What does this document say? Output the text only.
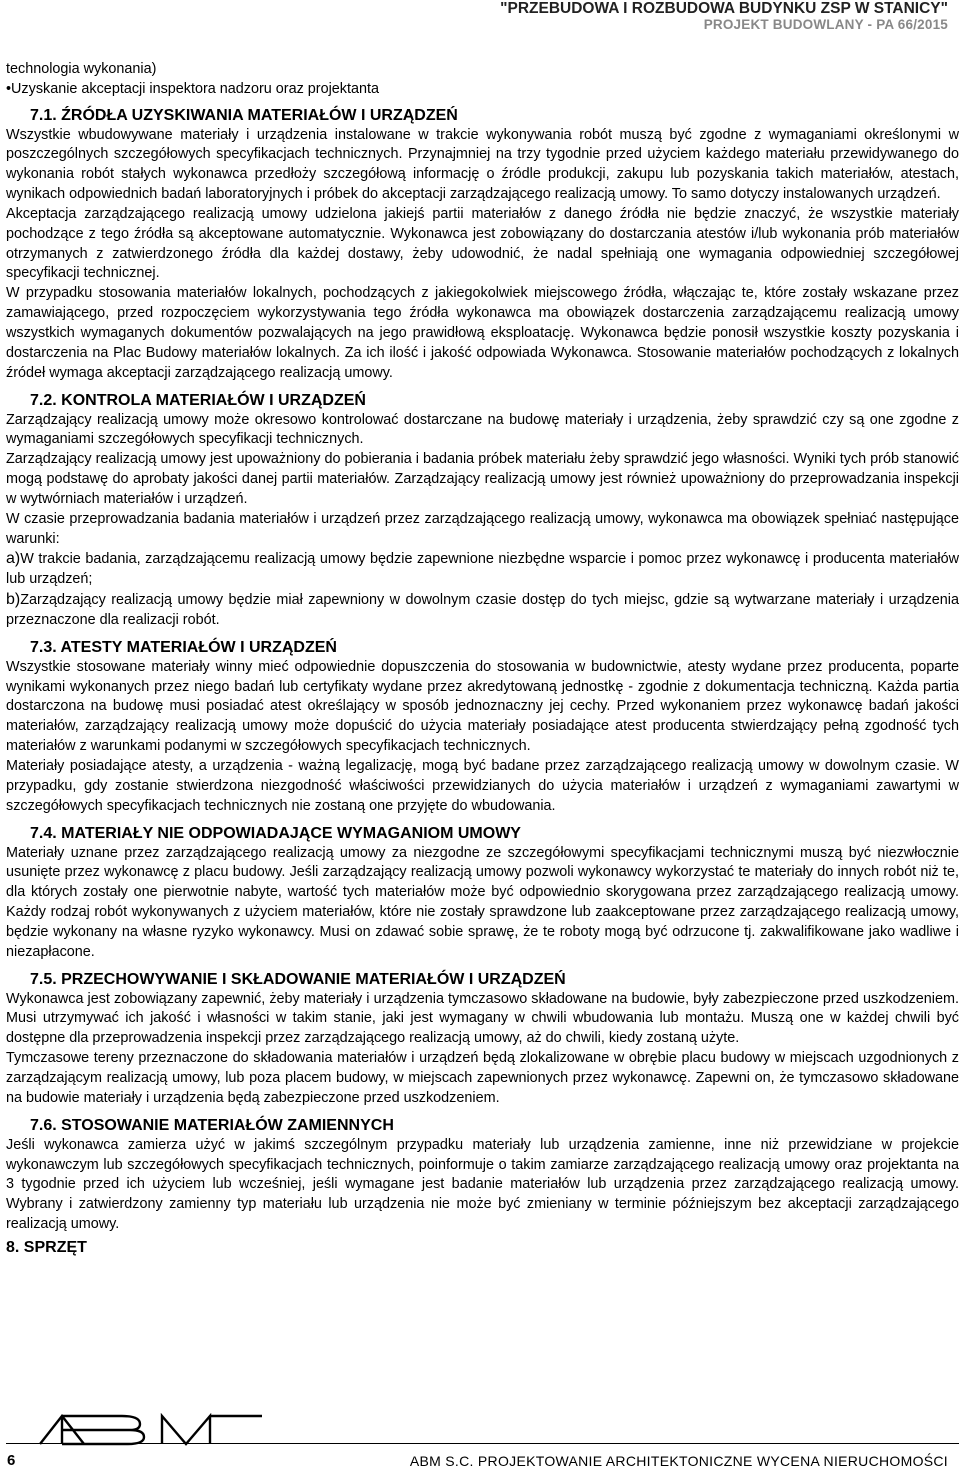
"PRZEBUDOWA I ROZBUDOWA BUDYNKU ZSP W STANICY"
PROJEKT BUDOWLANY - PA 66/2015

technologia wykonania)

•Uzyskanie akceptacji inspektora nadzoru oraz projektanta

7.1. ŹRÓDŁA UZYSKIWANIA MATERIAŁÓW I URZĄDZEŃ

Wszystkie wbudowywane materiały i urządzenia instalowane w trakcie wykonywania robót muszą być zgodne z wymaganiami określonymi w poszczególnych szczegółowych specyfikacjach technicznych. Przynajmniej na trzy tygodnie przed użyciem każdego materiału przewidywanego do wykonania robót stałych wykonawca przedłoży szczegółową informację o źródle produkcji, zakupu lub pozyskania takich materiałów, atestach, wynikach odpowiednich badań laboratoryjnych i próbek do akceptacji zarządzającego realizacją umowy. To samo dotyczy instalowanych urządzeń.

Akceptacja zarządzającego realizacją umowy udzielona jakiejś partii materiałów z danego źródła nie będzie znaczyć, że wszystkie materiały pochodzące z tego źródła są akceptowane automatycznie. Wykonawca jest zobowiązany do dostarczania atestów i/lub wykonania prób materiałów otrzymanych z zatwierdzonego źródła dla każdej dostawy, żeby udowodnić, że nadal spełniają one wymagania odpowiedniej szczegółowej specyfikacji technicznej.

W przypadku stosowania materiałów lokalnych, pochodzących z jakiegokolwiek miejscowego źródła, włączając te, które zostały wskazane przez zamawiającego, przed rozpoczęciem wykorzystywania tego źródła wykonawca ma obowiązek dostarczenia zarządzającemu realizacją umowy wszystkich wymaganych dokumentów pozwalających na jego prawidłową eksploatację. Wykonawca będzie ponosił wszystkie koszty pozyskania i dostarczenia na Plac Budowy materiałów lokalnych. Za ich ilość i jakość odpowiada Wykonawca. Stosowanie materiałów pochodzących z lokalnych źródeł wymaga akceptacji zarządzającego realizacją umowy.

7.2. KONTROLA MATERIAŁÓW I URZĄDZEŃ

Zarządzający realizacją umowy może okresowo kontrolować dostarczane na budowę materiały i urządzenia, żeby sprawdzić czy są one zgodne z wymaganiami szczegółowych specyfikacji technicznych.

Zarządzający realizacją umowy jest upoważniony do pobierania i badania próbek materiału żeby sprawdzić jego własności. Wyniki tych prób stanowić mogą podstawę do aprobaty jakości danej partii materiałów. Zarządzający realizacją umowy jest również upoważniony do przeprowadzania inspekcji w wytwórniach materiałów i urządzeń.

W czasie przeprowadzania badania materiałów i urządzeń przez zarządzającego realizacją umowy, wykonawca ma obowiązek spełniać następujące warunki:

a)W trakcie badania, zarządzającemu realizacją umowy będzie zapewnione niezbędne wsparcie i pomoc przez wykonawcę i producenta materiałów lub urządzeń;

b)Zarządzający realizacją umowy będzie miał zapewniony w dowolnym czasie dostęp do tych miejsc, gdzie są wytwarzane materiały i urządzenia przeznaczone dla realizacji robót.

7.3. ATESTY MATERIAŁÓW I URZĄDZEŃ

Wszystkie stosowane materiały winny mieć odpowiednie dopuszczenia do stosowania w budownictwie, atesty wydane przez producenta, poparte wynikami wykonanych przez niego badań lub certyfikaty wydane przez akredytowaną jednostkę - zgodnie z dokumentacja techniczną. Każda partia dostarczona na budowę musi posiadać atest określający w sposób jednoznaczny jej cechy. Przed wykonaniem przez wykonawcę badań jakości materiałów, zarządzający realizacją umowy może dopuścić do użycia materiały posiadające atest producenta stwierdzający pełną zgodność tych materiałów z warunkami podanymi w szczegółowych specyfikacjach technicznych.

Materiały posiadające atesty, a urządzenia - ważną legalizację, mogą być badane przez zarządzającego realizacją umowy w dowolnym czasie. W przypadku, gdy zostanie stwierdzona niezgodność właściwości przewidzianych do użycia materiałów i urządzeń z wymaganiami zawartymi w szczegółowych specyfikacjach technicznych nie zostaną one przyjęte do wbudowania.

7.4. MATERIAŁY NIE ODPOWIADAJĄCE WYMAGANIOM UMOWY

Materiały uznane przez zarządzającego realizacją umowy za niezgodne ze szczegółowymi specyfikacjami technicznymi muszą być niezwłocznie usunięte przez wykonawcę z placu budowy. Jeśli zarządzający realizacją umowy pozwoli wykonawcy wykorzystać te materiały do innych robót niż te, dla których zostały one pierwotnie nabyte, wartość tych materiałów może być odpowiednio skorygowana przez zarządzającego realizacją umowy. Każdy rodzaj robót wykonywanych z użyciem materiałów, które nie zostały sprawdzone lub zaakceptowane przez zarządzającego realizacją umowy, będzie wykonany na własne ryzyko wykonawcy. Musi on zdawać sobie sprawę, że te roboty mogą być odrzucone tj. zakwalifikowane jako wadliwe i niezapłacone.

7.5. PRZECHOWYWANIE I SKŁADOWANIE MATERIAŁÓW I URZĄDZEŃ

Wykonawca jest zobowiązany zapewnić, żeby materiały i urządzenia tymczasowo składowane na budowie, były zabezpieczone przed uszkodzeniem. Musi utrzymywać ich jakość i własności w takim stanie, jaki jest wymagany w chwili wbudowania lub montażu. Muszą one w każdej chwili być dostępne dla przeprowadzenia inspekcji przez zarządzającego realizacją umowy, aż do chwili, kiedy zostaną użyte.

Tymczasowe tereny przeznaczone do składowania materiałów i urządzeń będą zlokalizowane w obrębie placu budowy w miejscach uzgodnionych z zarządzającym realizacją umowy, lub poza placem budowy, w miejscach zapewnionych przez wykonawcę. Zapewni on, że tymczasowo składowane na budowie materiały i urządzenia będą zabezpieczone przed uszkodzeniem.

7.6. STOSOWANIE MATERIAŁÓW ZAMIENNYCH

Jeśli wykonawca zamierza użyć w jakimś szczególnym przypadku materiały lub urządzenia zamienne, inne niż przewidziane w projekcie wykonawczym lub szczegółowych specyfikacjach technicznych, poinformuje o takim zamiarze zarządzającego realizacją umowy oraz projektanta na 3 tygodnie przed ich użyciem lub wcześniej, jeśli wymagane jest badanie materiałów lub urządzenia przez zarządzającego realizacją umowy. Wybrany i zatwierdzony zamienny typ materiału lub urządzenia nie może być zmieniany w terminie późniejszym bez akceptacji zarządzającego realizacją umowy.

8. SPRZĘT
6	ABM S.C. PROJEKTOWANIE ARCHITEKTONICZNE WYCENA NIERUCHOMOŚCI
